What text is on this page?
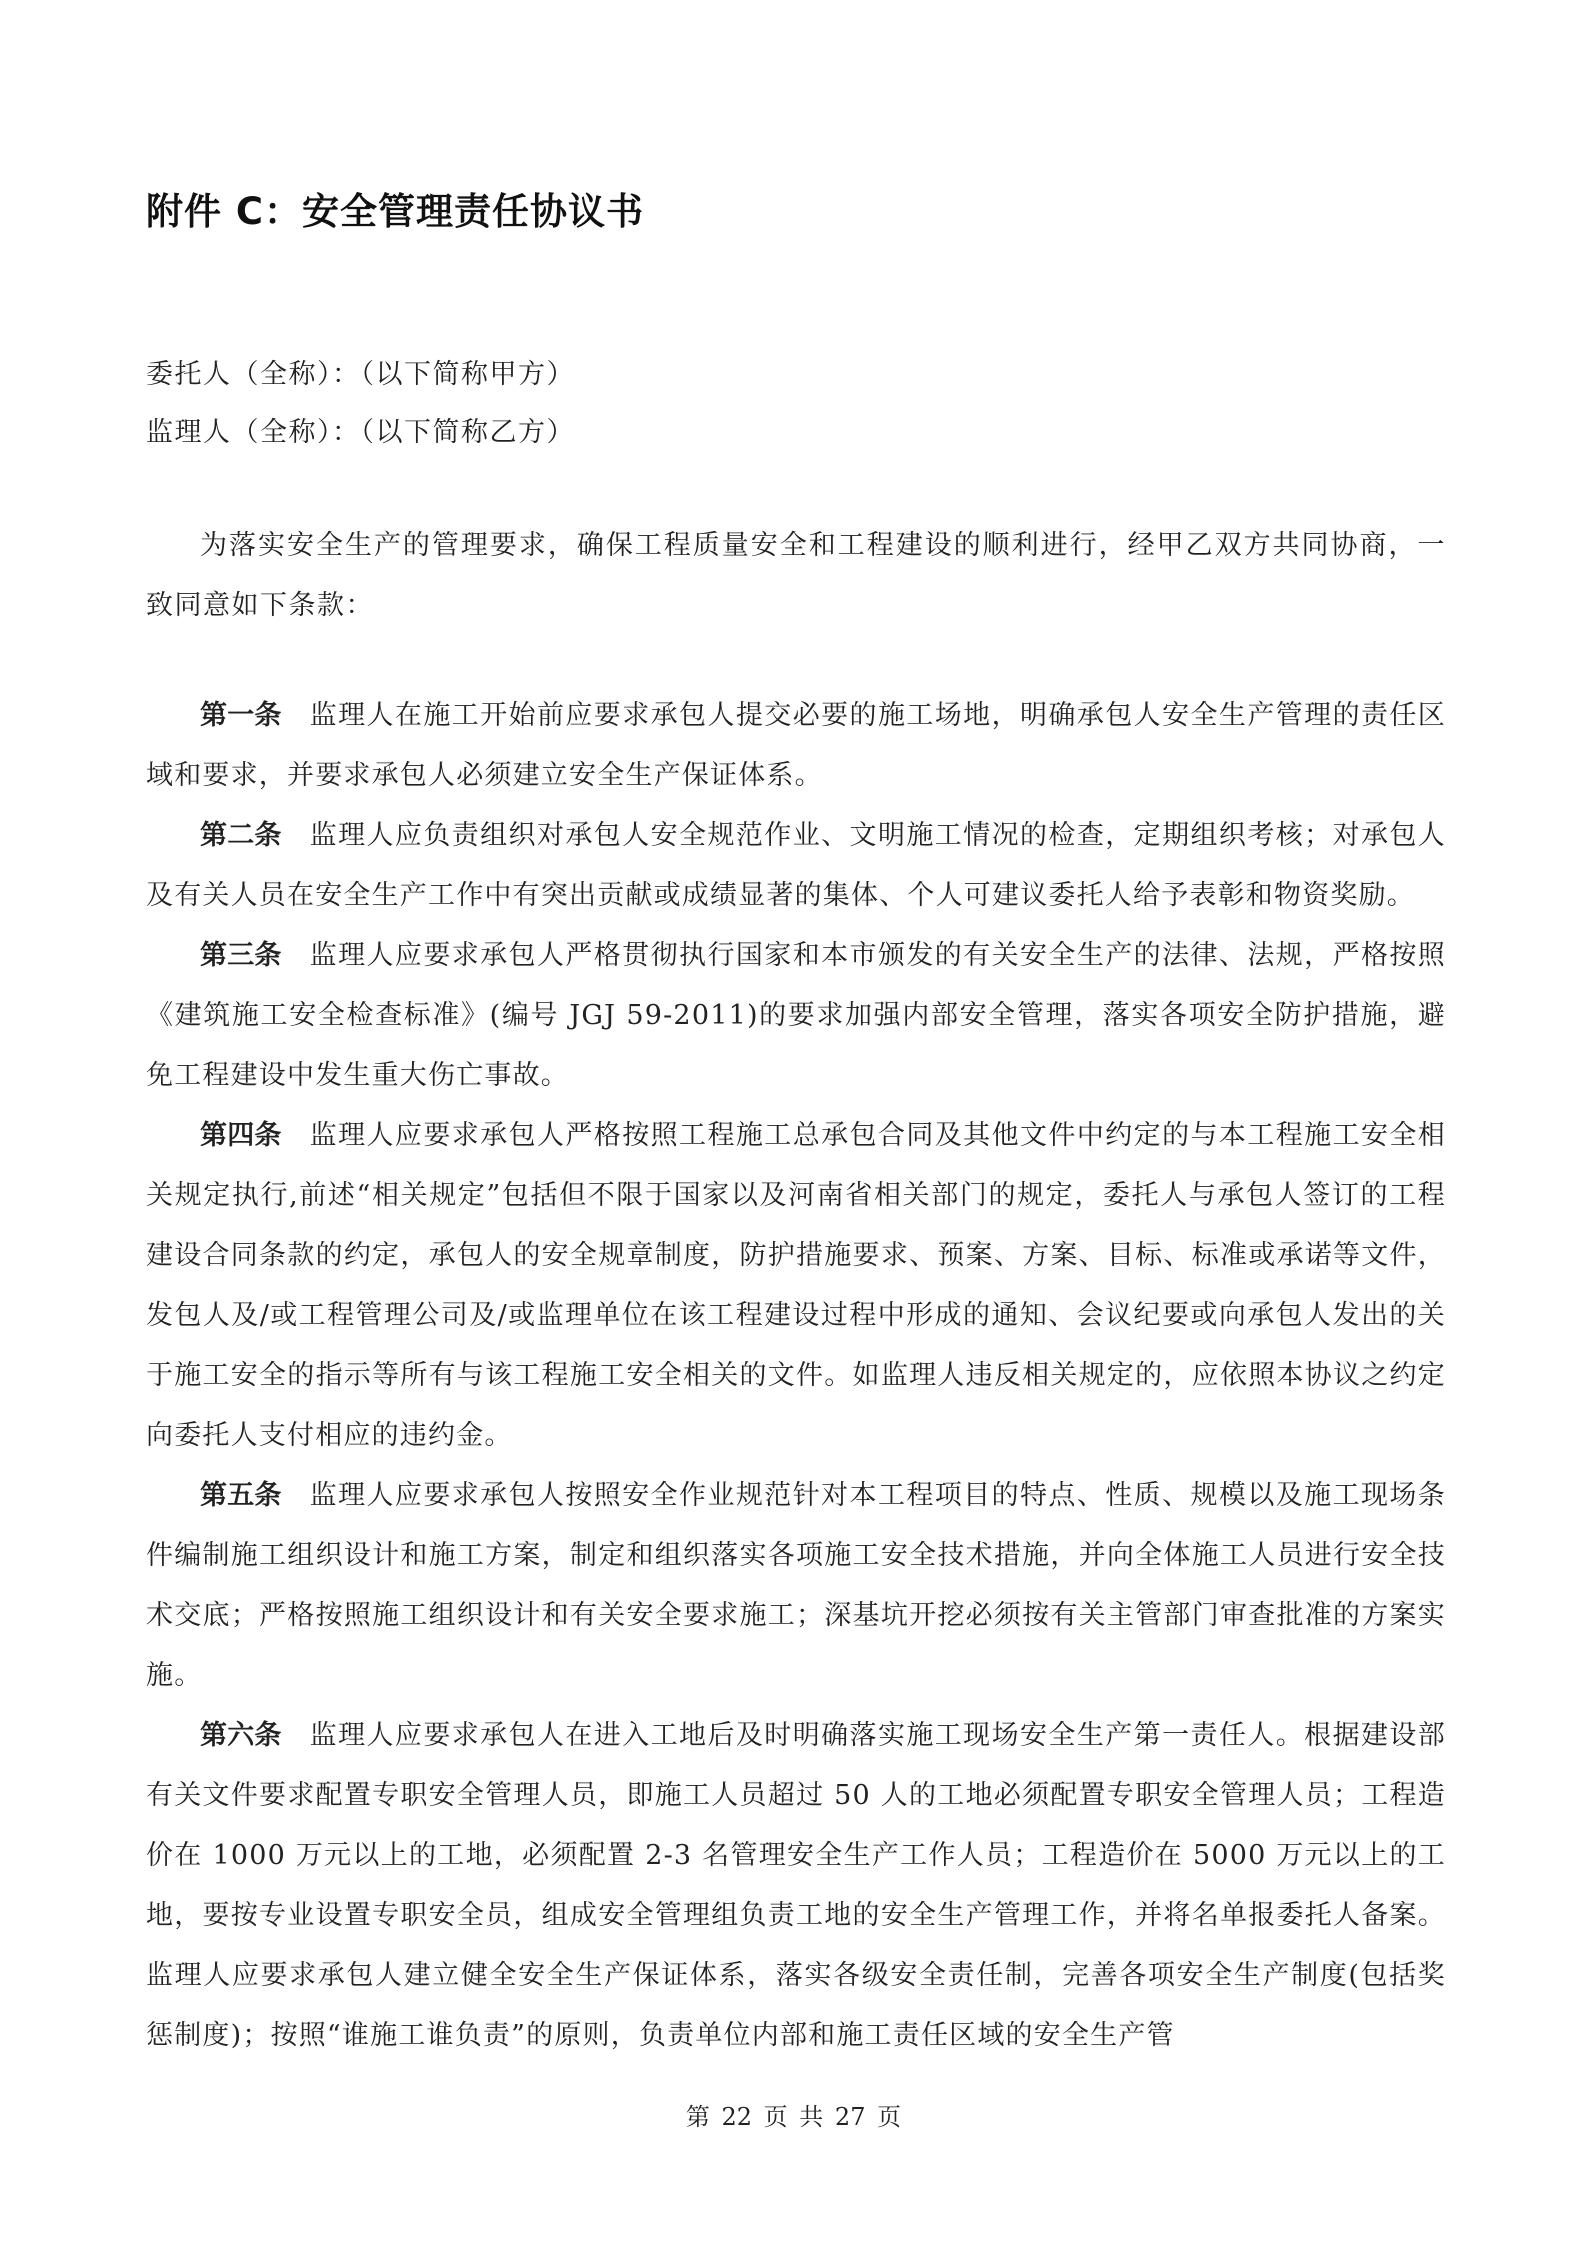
附件 C：安全管理责任协议书

委托人（全称）：（以下简称甲方）

监理人（全称）：（以下简称乙方）

为落实安全生产的管理要求，确保工程质量安全和工程建设的顺利进行，经甲乙双方共同协商，一致同意如下条款：

第一条 监理人在施工开始前应要求承包人提交必要的施工场地，明确承包人安全生产管理的责任区域和要求，并要求承包人必须建立安全生产保证体系。

第二条 监理人应负责组织对承包人安全规范作业、文明施工情况的检查，定期组织考核；对承包人及有关人员在安全生产工作中有突出贡献或成绩显著的集体、个人可建议委托人给予表彰和物资奖励。

第三条 监理人应要求承包人严格贯彻执行国家和本市颁发的有关安全生产的法律、法规，严格按照《建筑施工安全检查标准》(编号 JGJ 59-2011)的要求加强内部安全管理，落实各项安全防护措施，避免工程建设中发生重大伤亡事故。

第四条 监理人应要求承包人严格按照工程施工总承包合同及其他文件中约定的与本工程施工安全相关规定执行,前述“相关规定”包括但不限于国家以及河南省相关部门的规定，委托人与承包人签订的工程建设合同条款的约定，承包人的安全规章制度，防护措施要求、预案、方案、目标、标准或承诺等文件，发包人及/或工程管理公司及/或监理单位在该工程建设过程中形成的通知、会议纪要或向承包人发出的关于施工安全的指示等所有与该工程施工安全相关的文件。如监理人违反相关规定的，应依照本协议之约定向委托人支付相应的违约金。

第五条 监理人应要求承包人按照安全作业规范针对本工程项目的特点、性质、规模以及施工现场条件编制施工组织设计和施工方案，制定和组织落实各项施工安全技术措施，并向全体施工人员进行安全技术交底；严格按照施工组织设计和有关安全要求施工；深基坑开挖必须按有关主管部门审查批准的方案实施。

第六条 监理人应要求承包人在进入工地后及时明确落实施工现场安全生产第一责任人。根据建设部有关文件要求配置专职安全管理人员，即施工人员超过 50 人的工地必须配置专职安全管理人员；工程造价在 1000 万元以上的工地，必须配置 2-3 名管理安全生产工作人员；工程造价在 5000 万元以上的工地，要按专业设置专职安全员，组成安全管理组负责工地的安全生产管理工作，并将名单报委托人备案。监理人应要求承包人建立健全安全生产保证体系，落实各级安全责任制，完善各项安全生产制度(包括奖惩制度)；按照“谁施工谁负责”的原则，负责单位内部和施工责任区域的安全生产管

第 22 页 共 27 页
